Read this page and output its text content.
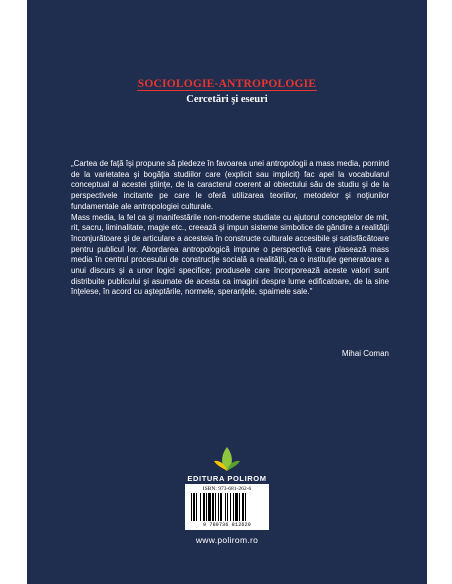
SOCIOLOGIE-ANTROPOLOGIE
Cercetări şi eseuri

„Cartea de faţă îşi propune să pledeze în favoarea unei antropologii a mass media, pornind de la varietatea şi bogăţia studiilor care (explicit sau implicit) fac apel la vocabularul conceptual al acestei ştiinţe, de la caracterul coerent al obiectului său de studiu şi de la perspectivele incitante pe care le oferă utilizarea teoriilor, metodelor şi noţiunilor fundamentale ale antropologiei culturale.

Mass media, la fel ca şi manifestările non-moderne studiate cu ajutorul conceptelor de mit, rit, sacru, liminalitate, magie etc., creează şi impun sisteme simbolice de gândire a realităţii înconjurătoare şi de articulare a acesteia în constructe culturale accesibile şi satisfăcătoare pentru publicul lor. Abordarea antropologică impune o perspectivă care plasează mass media în centrul procesului de construcţie socială a realităţii, ca o instituţie generatoare a unui discurs şi a unor logici specifice; produsele care încorporează aceste valori sunt distribuite publicului şi asumate de acesta ca imagini despre lume edificatoare, de la sine înţelese, în acord cu aşteptările, normele, speranţele, spaimele sale."

Mihai Coman
EDITURA POLIROM
ISBN: 973-681-262-6
9 789736 812620
www.polirom.ro
